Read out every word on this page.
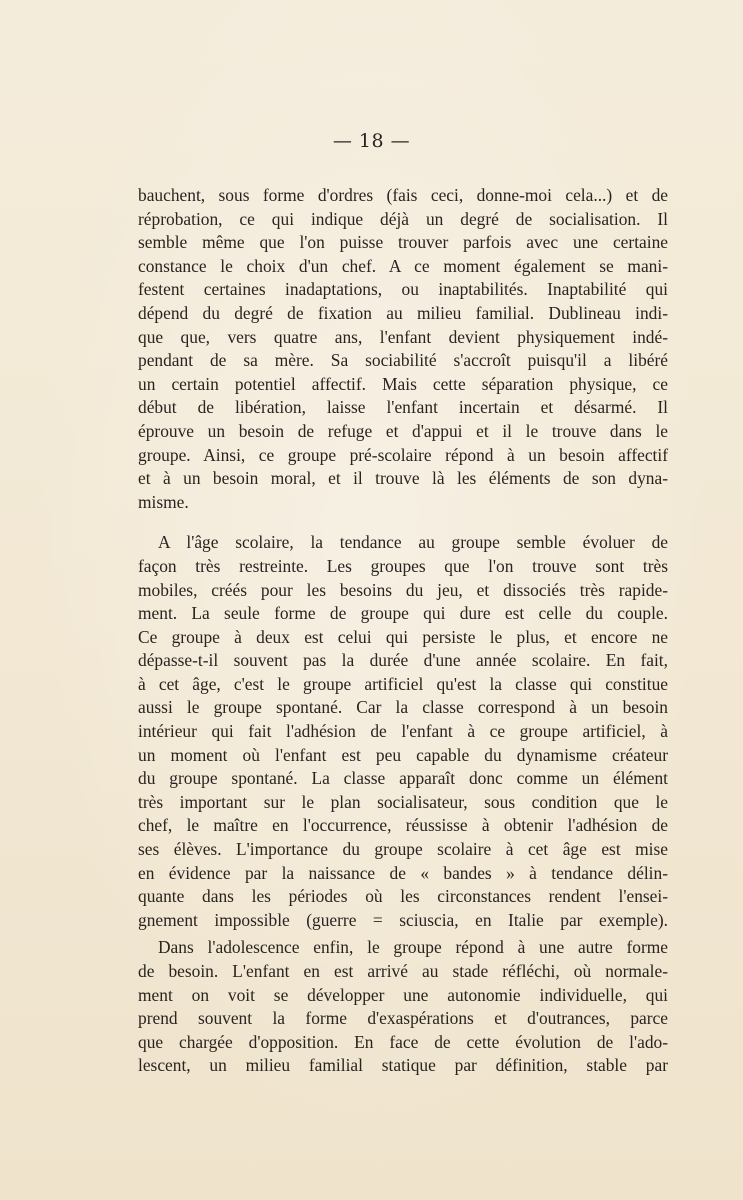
— 18 —
bauchent, sous forme d'ordres (fais ceci, donne-moi cela...) et de
réprobation, ce qui indique déjà un degré de socialisation. Il
semble même que l'on puisse trouver parfois avec une certaine
constance le choix d'un chef. A ce moment également se mani-
festent certaines inadaptations, ou inaptabilités. Inaptabilité qui
dépend du degré de fixation au milieu familial. Dublineau indi-
que que, vers quatre ans, l'enfant devient physiquement indé-
pendant de sa mère. Sa sociabilité s'accroît puisqu'il a libéré
un certain potentiel affectif. Mais cette séparation physique, ce
début de libération, laisse l'enfant incertain et désarmé. Il
éprouve un besoin de refuge et d'appui et il le trouve dans le
groupe. Ainsi, ce groupe pré-scolaire répond à un besoin affectif
et à un besoin moral, et il trouve là les éléments de son dyna-
misme.
A l'âge scolaire, la tendance au groupe semble évoluer de
façon très restreinte. Les groupes que l'on trouve sont très
mobiles, créés pour les besoins du jeu, et dissociés très rapide-
ment. La seule forme de groupe qui dure est celle du couple.
Ce groupe à deux est celui qui persiste le plus, et encore ne
dépasse-t-il souvent pas la durée d'une année scolaire. En fait,
à cet âge, c'est le groupe artificiel qu'est la classe qui constitue
aussi le groupe spontané. Car la classe correspond à un besoin
intérieur qui fait l'adhésion de l'enfant à ce groupe artificiel, à
un moment où l'enfant est peu capable du dynamisme créateur
du groupe spontané. La classe apparaît donc comme un élément
très important sur le plan socialisateur, sous condition que le
chef, le maître en l'occurrence, réussisse à obtenir l'adhésion de
ses élèves. L'importance du groupe scolaire à cet âge est mise
en évidence par la naissance de « bandes » à tendance délin-
quante dans les périodes où les circonstances rendent l'ensei-
gnement impossible (guerre = sciuscia, en Italie par exemple).
Dans l'adolescence enfin, le groupe répond à une autre forme
de besoin. L'enfant en est arrivé au stade réfléchi, où normale-
ment on voit se développer une autonomie individuelle, qui
prend souvent la forme d'exaspérations et d'outrances, parce
que chargée d'opposition. En face de cette évolution de l'ado-
lescent, un milieu familial statique par définition, stable par
